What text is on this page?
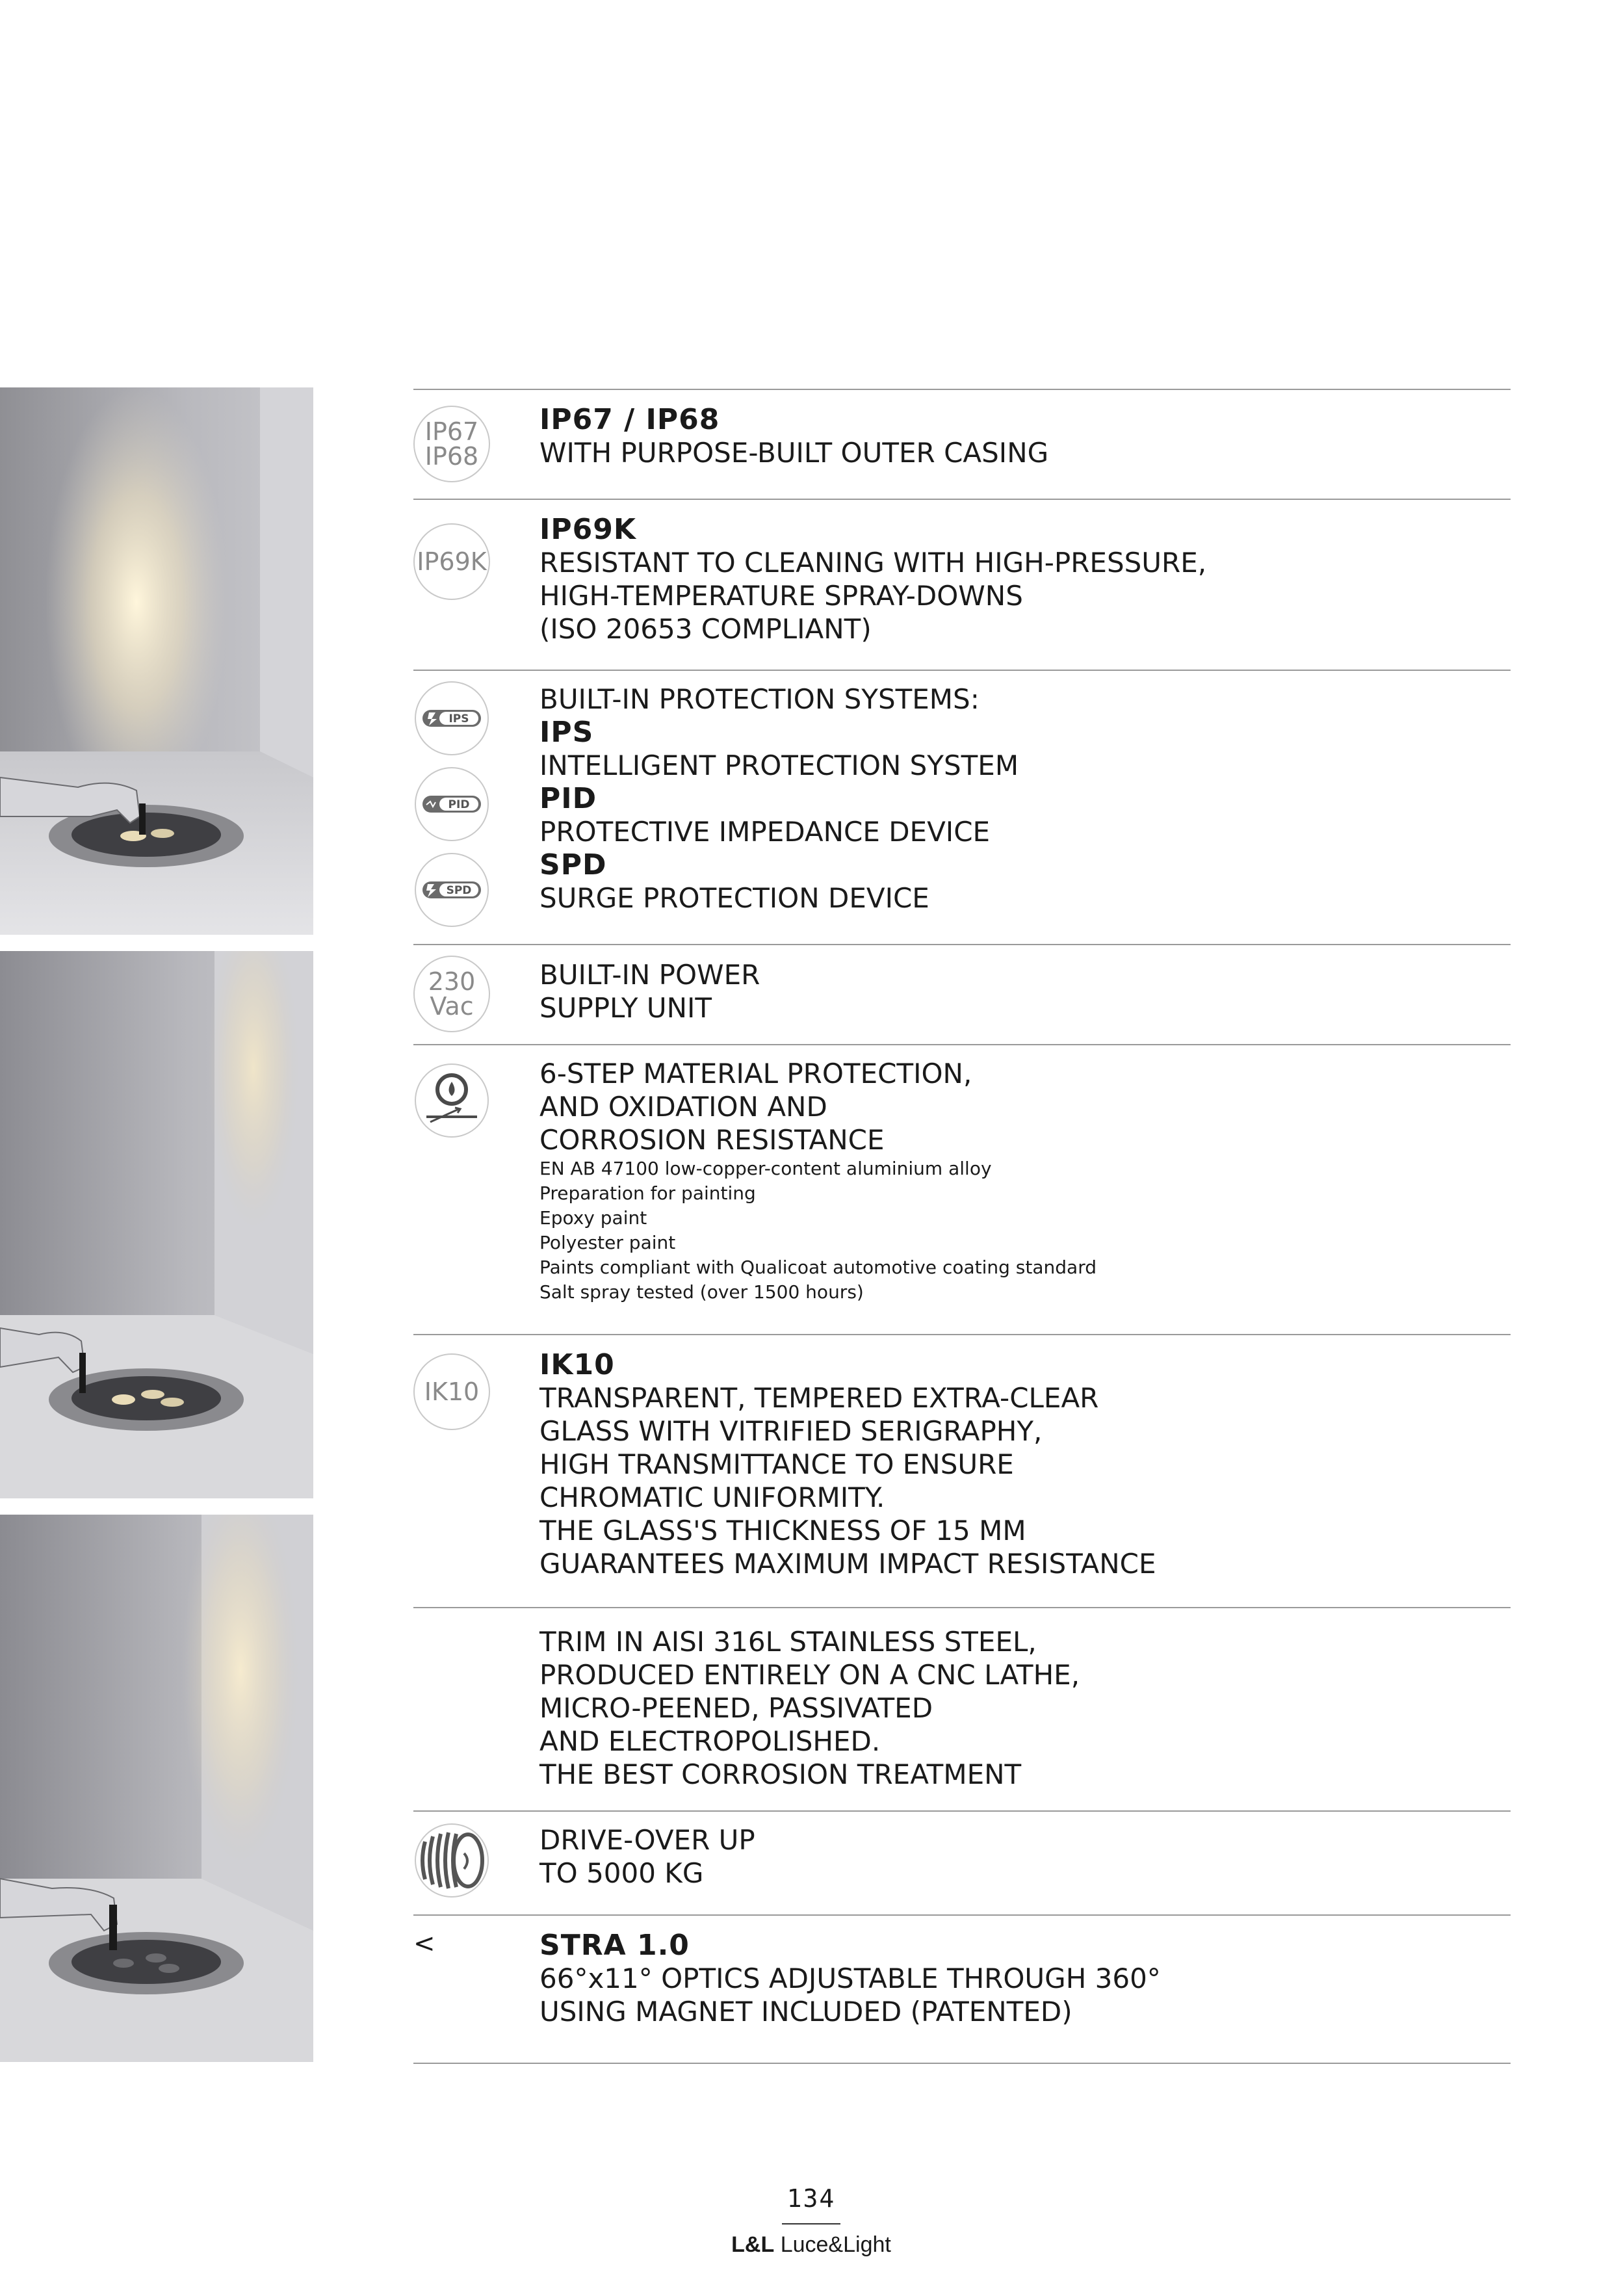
IP67
IP68
IP67 / IP68
WITH PURPOSE-BUILT OUTER CASING
IP69K
IP69K
RESISTANT TO CLEANING WITH HIGH-PRESSURE,
HIGH-TEMPERATURE SPRAY-DOWNS
(ISO 20653 COMPLIANT)
IPS
PID
SPD
BUILT-IN PROTECTION SYSTEMS:
IPS
INTELLIGENT PROTECTION SYSTEM
PID
PROTECTIVE IMPEDANCE DEVICE
SPD
SURGE PROTECTION DEVICE
230
Vac
BUILT-IN POWER
SUPPLY UNIT
6-STEP MATERIAL PROTECTION,
AND OXIDATION AND
CORROSION RESISTANCE
EN AB 47100 low-copper-content aluminium alloy
Preparation for painting
Epoxy paint
Polyester paint
Paints compliant with Qualicoat automotive coating standard
Salt spray tested (over 1500 hours)
IK10
IK10
TRANSPARENT, TEMPERED EXTRA-CLEAR
GLASS WITH VITRIFIED SERIGRAPHY,
HIGH TRANSMITTANCE TO ENSURE
CHROMATIC UNIFORMITY.
THE GLASS'S THICKNESS OF 15 MM
GUARANTEES MAXIMUM IMPACT RESISTANCE
TRIM IN AISI 316L STAINLESS STEEL,
PRODUCED ENTIRELY ON A CNC LATHE,
MICRO-PEENED, PASSIVATED
AND ELECTROPOLISHED.
THE BEST CORROSION TREATMENT
DRIVE-OVER UP
TO 5000 KG
<	STRA 1.0
66°x11° OPTICS ADJUSTABLE THROUGH 360°
USING MAGNET INCLUDED (PATENTED)
134
L&L Luce&Light
